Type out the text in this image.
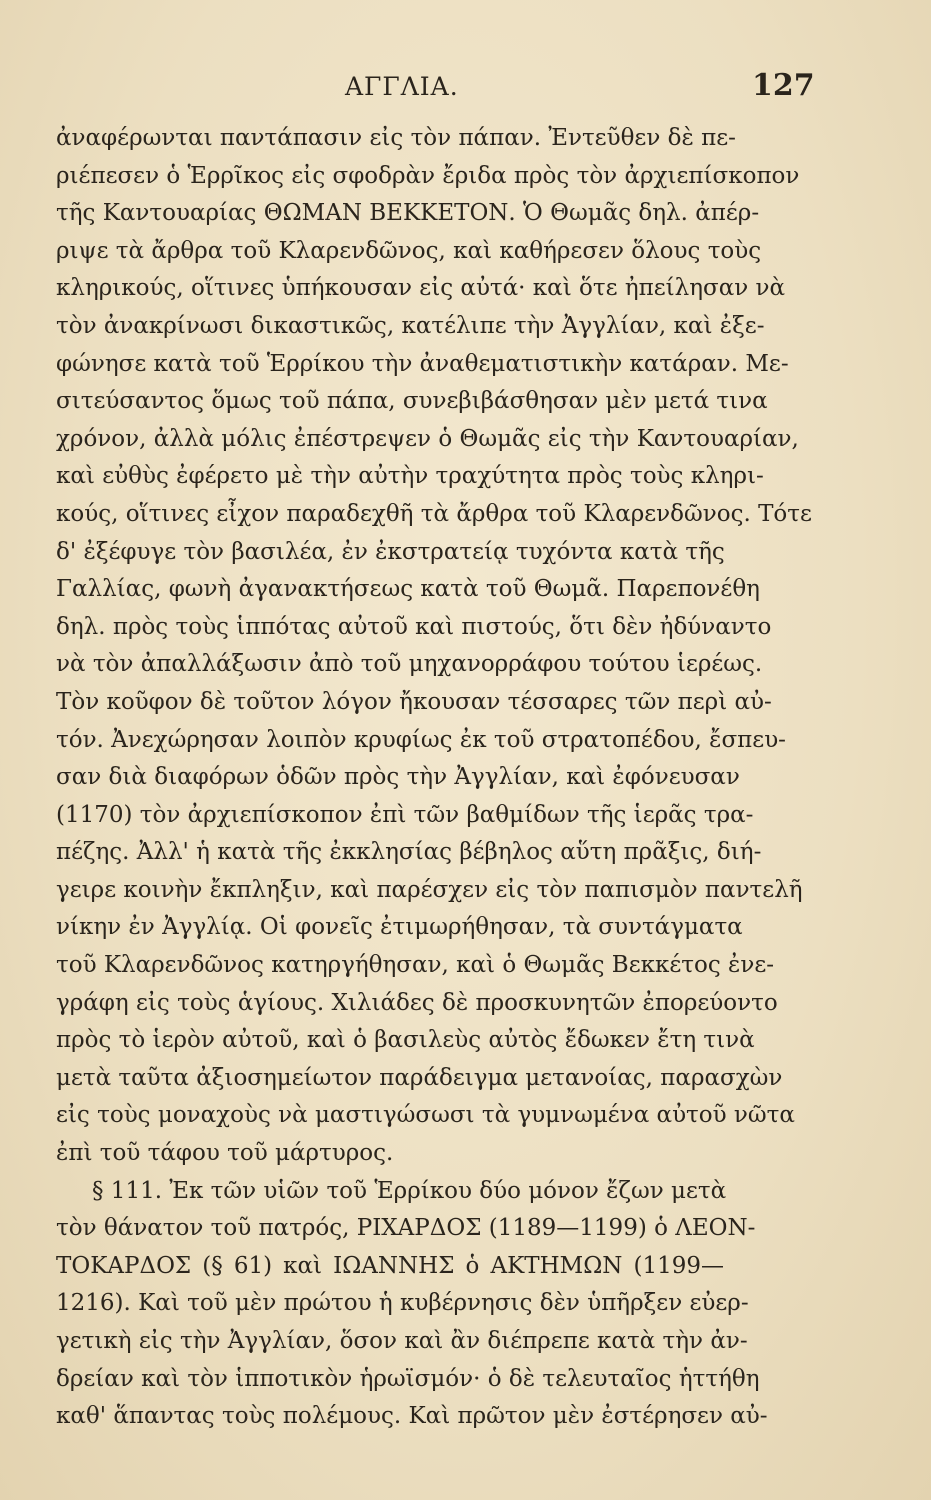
ΑΓΓΛΙΑ.	127
ἀναφέρωνται παντάπασιν εἰς τὸν πάπαν. Ἐντεῦθεν δὲ πε-
ριέπεσεν ὁ Ἑρρῖκος εἰς σφοδρὰν ἔριδα πρὸς τὸν ἀρχιεπίσκοπον
τῆς Καντουαρίας ΘΩΜΑΝ ΒΕΚΚΕΤΟΝ. Ὁ Θωμᾶς δηλ. ἀπέρ-
ριψε τὰ ἄρθρα τοῦ Κλαρενδῶνος, καὶ καθήρεσεν ὅλους τοὺς
κληρικούς, οἵτινες ὑπήκουσαν εἰς αὐτά· καὶ ὅτε ἠπείλησαν νὰ
τὸν ἀνακρίνωσι δικαστικῶς, κατέλιπε τὴν Ἀγγλίαν, καὶ ἐξε-
φώνησε κατὰ τοῦ Ἑρρίκου τὴν ἀναθεματιστικὴν κατάραν. Με-
σιτεύσαντος ὅμως τοῦ πάπα, συνεβιβάσθησαν μὲν μετά τινα
χρόνον, ἀλλὰ μόλις ἐπέστρεψεν ὁ Θωμᾶς εἰς τὴν Καντουαρίαν,
καὶ εὐθὺς ἐφέρετο μὲ τὴν αὐτὴν τραχύτητα πρὸς τοὺς κληρι-
κούς, οἵτινες εἶχον παραδεχθῆ τὰ ἄρθρα τοῦ Κλαρενδῶνος. Τότε
δ' ἐξέφυγε τὸν βασιλέα, ἐν ἐκστρατείᾳ τυχόντα κατὰ τῆς
Γαλλίας, φωνὴ ἀγανακτήσεως κατὰ τοῦ Θωμᾶ. Παρεπονέθη
δηλ. πρὸς τοὺς ἱππότας αὐτοῦ καὶ πιστούς, ὅτι δὲν ἠδύναντο
νὰ τὸν ἀπαλλάξωσιν ἀπὸ τοῦ μηχανορράφου τούτου ἱερέως.
Τὸν κοῦφον δὲ τοῦτον λόγον ἤκουσαν τέσσαρες τῶν περὶ αὐ-
τόν. Ἀνεχώρησαν λοιπὸν κρυφίως ἐκ τοῦ στρατοπέδου, ἔσπευ-
σαν διὰ διαφόρων ὁδῶν πρὸς τὴν Ἀγγλίαν, καὶ ἐφόνευσαν
(1170) τὸν ἀρχιεπίσκοπον ἐπὶ τῶν βαθμίδων τῆς ἱερᾶς τρα-
πέζης. Ἀλλ' ἡ κατὰ τῆς ἐκκλησίας βέβηλος αὕτη πρᾶξις, διή-
γειρε κοινὴν ἔκπληξιν, καὶ παρέσχεν εἰς τὸν παπισμὸν παντελῆ
νίκην ἐν Ἀγγλίᾳ. Οἱ φονεῖς ἐτιμωρήθησαν, τὰ συντάγματα
τοῦ Κλαρενδῶνος κατηργήθησαν, καὶ ὁ Θωμᾶς Βεκκέτος ἐνε-
γράφη εἰς τοὺς ἁγίους. Χιλιάδες δὲ προσκυνητῶν ἐπορεύοντο
πρὸς τὸ ἱερὸν αὐτοῦ, καὶ ὁ βασιλεὺς αὐτὸς ἔδωκεν ἔτη τινὰ
μετὰ ταῦτα ἀξιοσημείωτον παράδειγμα μετανοίας, παρασχὼν
εἰς τοὺς μοναχοὺς νὰ μαστιγώσωσι τὰ γυμνωμένα αὐτοῦ νῶτα
ἐπὶ τοῦ τάφου τοῦ μάρτυρος.
§ 111. Ἐκ τῶν υἱῶν τοῦ Ἑρρίκου δύο μόνον ἔζων μετὰ
τὸν θάνατον τοῦ πατρός, ΡΙΧΑΡΔΟΣ (1189—1199) ὁ ΛΕΟΝ-
ΤΟΚΑΡΔΟΣ (§ 61) καὶ ΙΩΑΝΝΗΣ ὁ ΑΚΤΗΜΩΝ (1199—
1216). Καὶ τοῦ μὲν πρώτου ἡ κυβέρνησις δὲν ὑπῆρξεν εὐερ-
γετικὴ εἰς τὴν Ἀγγλίαν, ὅσον καὶ ἂν διέπρεπε κατὰ τὴν ἀν-
δρείαν καὶ τὸν ἱπποτικὸν ἡρωϊσμόν· ὁ δὲ τελευταῖος ἡττήθη
καθ' ἅπαντας τοὺς πολέμους. Καὶ πρῶτον μὲν ἐστέρησεν αὐ-
